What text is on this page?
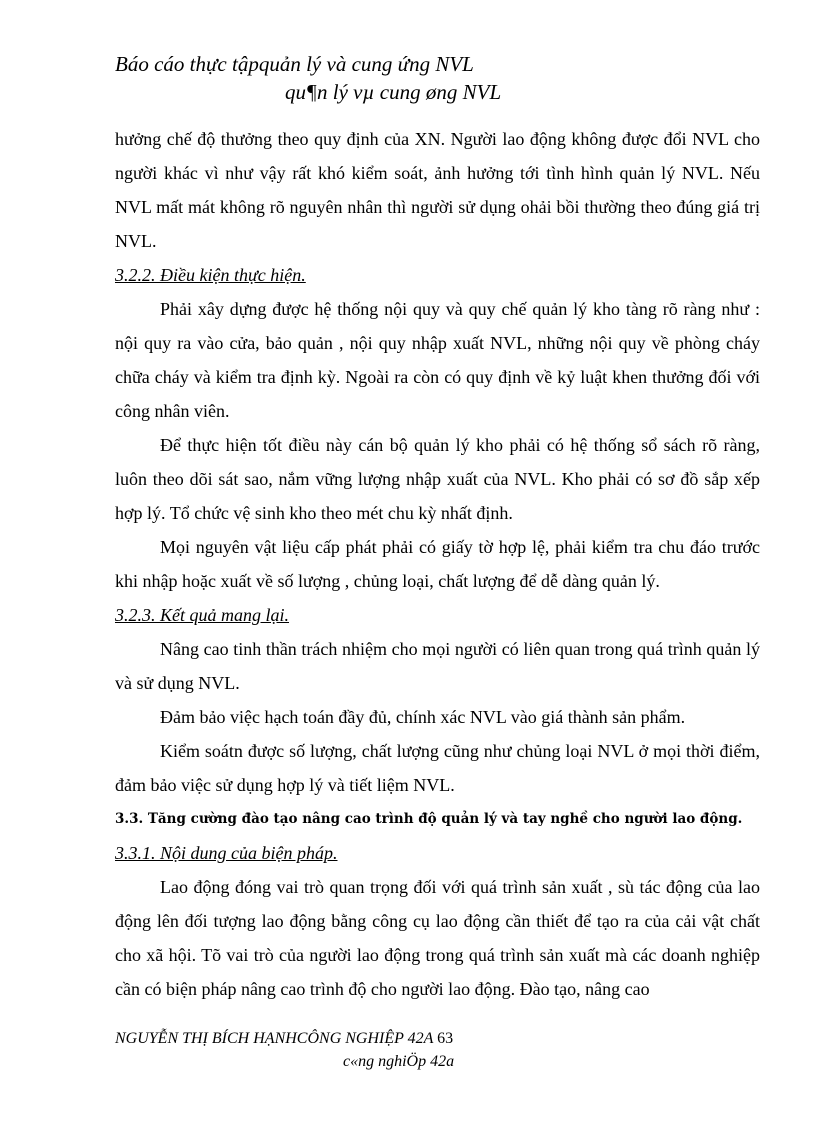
Báo cáo thực tậpquản lý và cung ứng NVL
qu¶n lý vµ cung øng NVL

hưởng chế độ thưởng theo quy định của XN. Người lao động không được đổi NVL cho người khác vì như vậy rất khó kiểm soát, ảnh hưởng tới tình hình quản lý NVL. Nếu NVL mất mát không rõ nguyên nhân thì người sử dụng ohải bồi thường theo đúng giá trị NVL.

3.2.2. Điều kiện thực hiện.

Phải xây dựng được hệ thống nội quy và quy chế quản lý kho tàng rõ ràng như : nội quy ra vào cửa, bảo quản , nội quy nhập xuất NVL, những nội quy về phòng cháy chữa cháy và kiểm tra định kỳ. Ngoài ra còn có quy định về kỷ luật khen thưởng đối với công nhân viên.

Để thực hiện tốt điều này cán bộ quản lý kho phải có hệ thống sổ sách rõ ràng, luôn theo dõi sát sao, nắm vững lượng nhập xuất của NVL. Kho phải có sơ đồ sắp xếp hợp lý. Tổ chức vệ sinh kho theo mét chu kỳ nhất định.

Mọi nguyên vật liệu cấp phát phải có giấy tờ hợp lệ, phải kiểm tra chu đáo trước khi nhập hoặc xuất về số lượng , chủng loại, chất lượng để dễ dàng quản lý.

3.2.3. Kết quả mang lại.

Nâng cao tinh thần trách nhiệm cho mọi người có liên quan trong quá trình quản lý và sử dụng NVL.

Đảm bảo việc hạch toán đầy đủ, chính xác NVL vào giá thành sản phẩm.

Kiểm soátn được số lượng, chất lượng cũng như chủng loại NVL ở mọi thời điểm, đảm bảo việc sử dụng hợp lý và tiết liệm NVL.

3.3. Tăng cường đào tạo nâng cao trình độ quản lý và tay nghề cho người lao động.

3.3.1. Nội dung của biện pháp.

Lao động đóng vai trò quan trọng đối với quá trình sản xuất , sù tác động của lao động lên đối tượng lao động bằng công cụ lao động cần thiết để tạo ra của cải vật chất cho xã hội. Tõ vai trò của người lao động trong quá trình sản xuất mà các doanh nghiệp cần có biện pháp nâng cao trình độ cho người lao động. Đào tạo, nâng cao

NGUYỄN THỊ BÍCH HẠNHCÔNG NGHIỆP 42A 63
c«ng nghiÖp 42a
